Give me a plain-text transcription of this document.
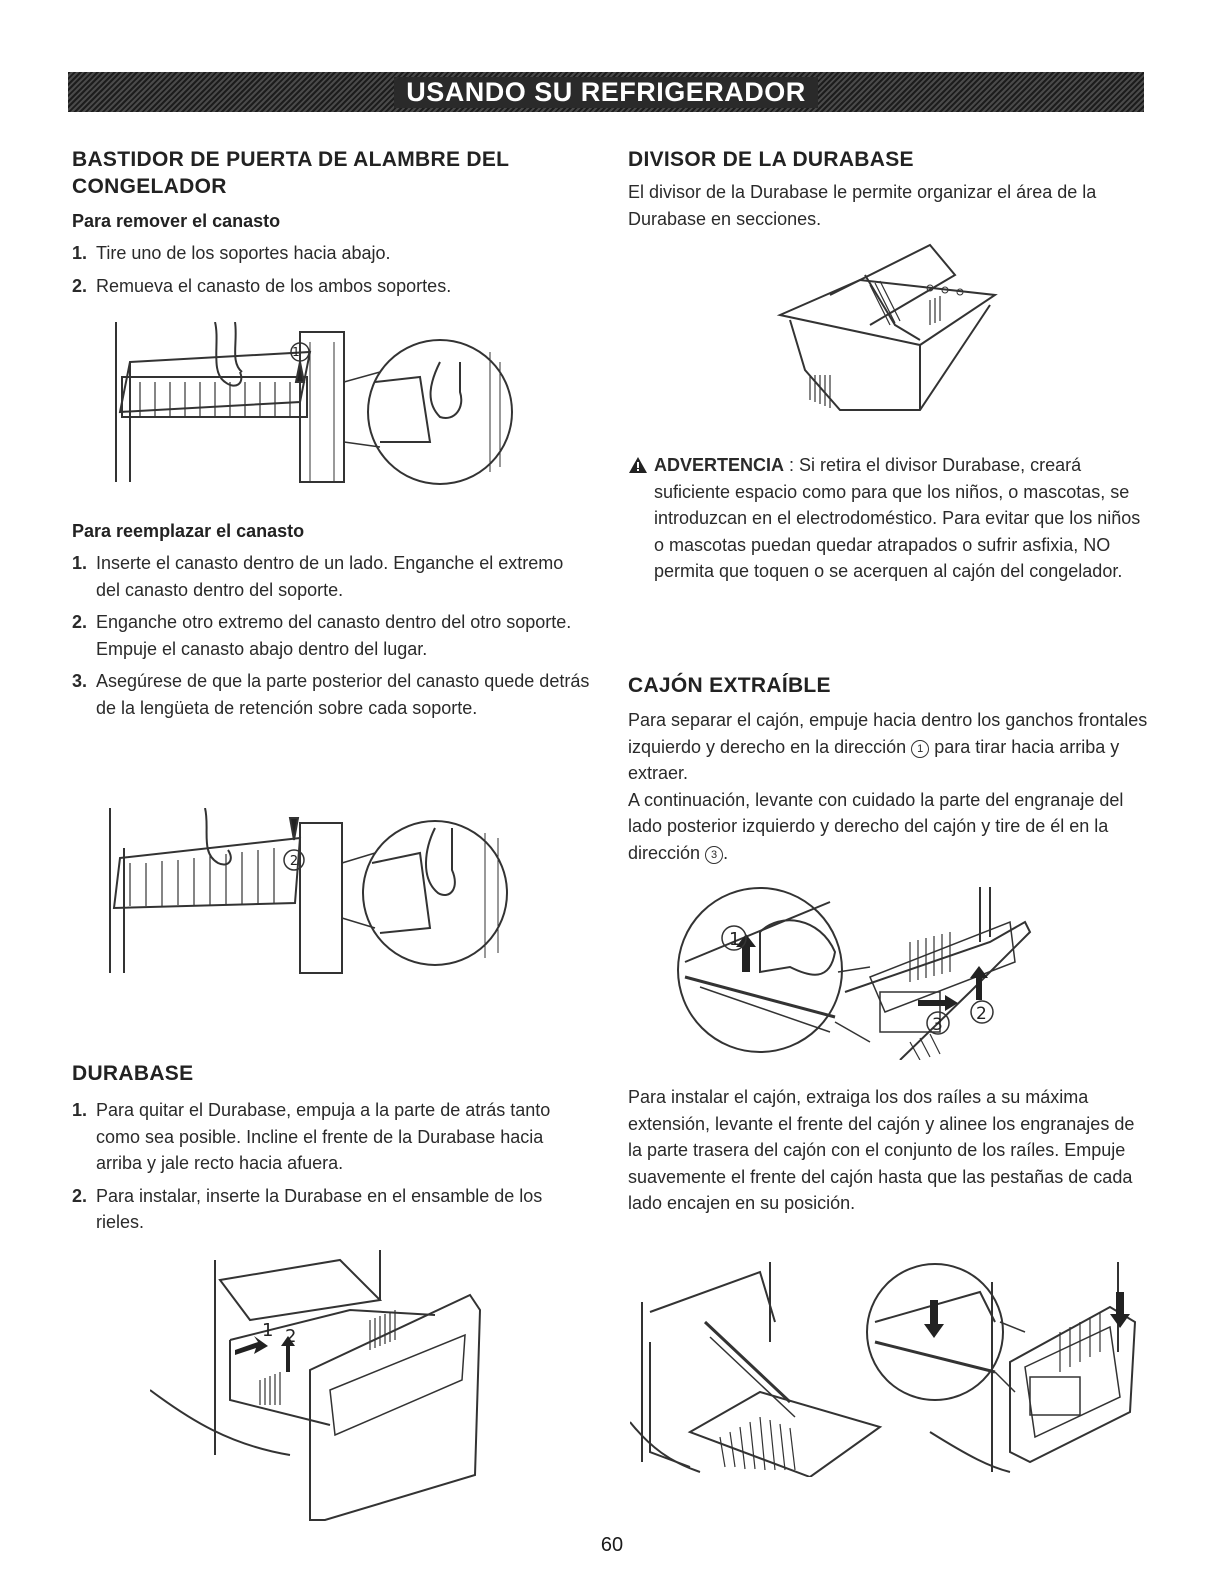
USANDO SU REFRIGERADOR
BASTIDOR DE PUERTA DE ALAMBRE DEL CONGELADOR
Para remover el canasto
1. Tire uno de los soportes hacia abajo.
2. Remueva el canasto de los ambos soportes.
1
Para reemplazar el canasto
1. Inserte el canasto dentro de un lado. Enganche el extremo del canasto dentro del soporte.
2. Enganche otro extremo del canasto dentro del otro soporte. Empuje el canasto abajo dentro del lugar.
3. Asegúrese de que la parte posterior del canasto quede detrás de la lengüeta de retención sobre cada soporte.
2
DURABASE
1. Para quitar el Durabase, empuja a la parte de atrás tanto como sea posible. Incline el frente de la Durabase hacia arriba y jale recto hacia afuera.
2. Para instalar, inserte la Durabase en el ensamble de los rieles.
1 2
DIVISOR DE LA DURABASE

El divisor de la Durabase le permite organizar el área de la Durabase en secciones.

ADVERTENCIA : Si retira el divisor Durabase, creará suficiente espacio como para que los niños, o mascotas, se introduzcan en el electrodoméstico. Para evitar que los niños o mascotas puedan quedar atrapados o sufrir asfixia, NO permita que toquen o se acerquen al cajón del congelador.

CAJÓN EXTRAÍBLE

Para separar el cajón, empuje hacia dentro los ganchos frontales izquierdo y derecho en la dirección 1 para tirar hacia arriba y extraer.

A continuación, levante con cuidado la parte del engranaje del lado posterior izquierdo y derecho del cajón y tire de él en la dirección 3 .

1
3
2

Para instalar el cajón, extraiga los dos raíles a su máxima extensión, levante el frente del cajón y alinee los engranajes de la parte trasera del cajón con el conjunto de los raíles. Empuje suavemente el frente del cajón hasta que las pestañas de cada lado encajen en su posición.

60
